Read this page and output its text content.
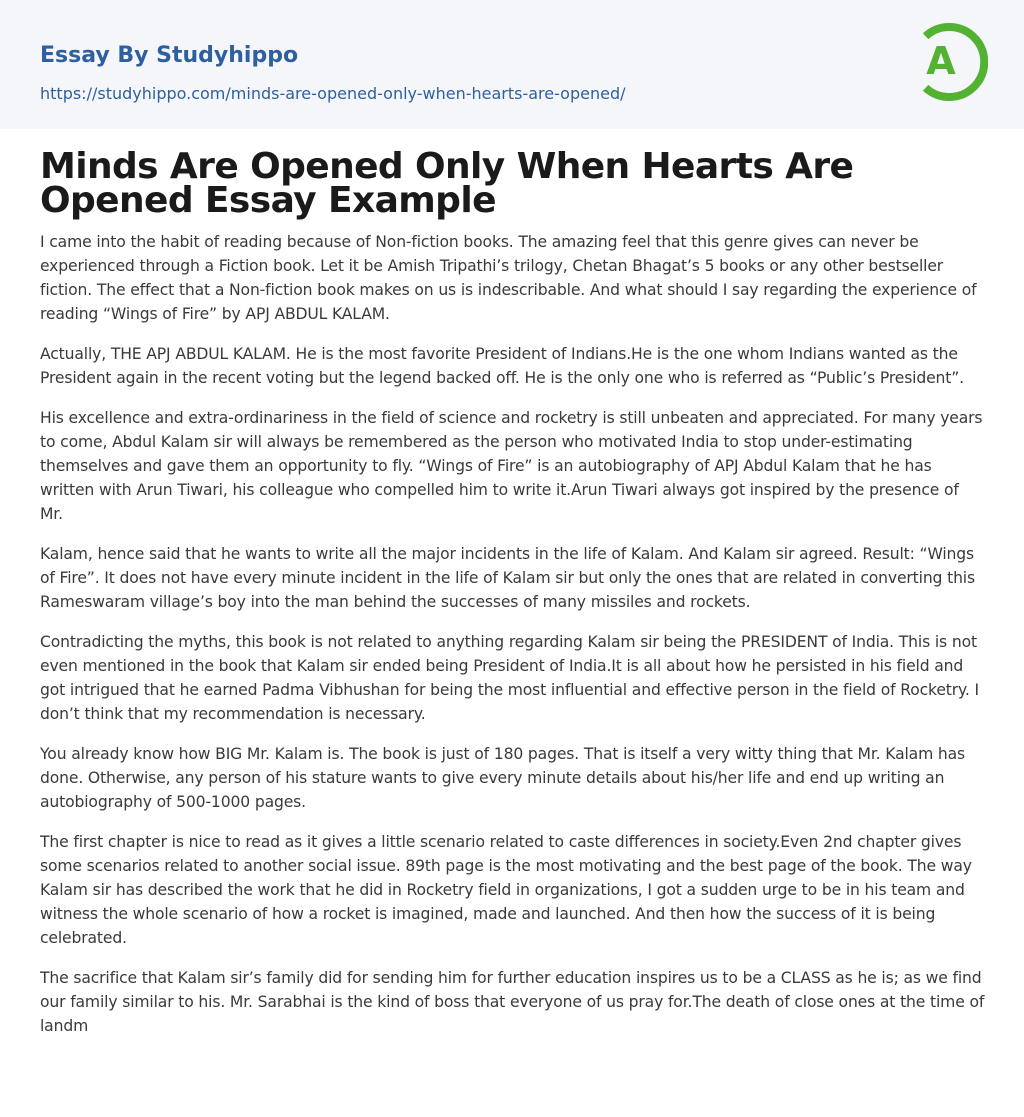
Essay By Studyhippo
https://studyhippo.com/minds-are-opened-only-when-hearts-are-opened/
A
Minds Are Opened Only When Hearts Are Opened Essay Example

I came into the habit of reading because of Non-fiction books. The amazing feel that this genre gives can never be experienced through a Fiction book. Let it be Amish Tripathi’s trilogy, Chetan Bhagat’s 5 books or any other bestseller fiction. The effect that a Non-fiction book makes on us is indescribable. And what should I say regarding the experience of reading “Wings of Fire” by APJ ABDUL KALAM.

Actually, THE APJ ABDUL KALAM. He is the most favorite President of Indians.He is the one whom Indians wanted as the President again in the recent voting but the legend backed off. He is the only one who is referred as “Public’s President”.

His excellence and extra-ordinariness in the field of science and rocketry is still unbeaten and appreciated. For many years to come, Abdul Kalam sir will always be remembered as the person who motivated India to stop under-estimating themselves and gave them an opportunity to fly. “Wings of Fire” is an autobiography of APJ Abdul Kalam that he has written with Arun Tiwari, his colleague who compelled him to write it.Arun Tiwari always got inspired by the presence of Mr.

Kalam, hence said that he wants to write all the major incidents in the life of Kalam. And Kalam sir agreed. Result: “Wings of Fire”. It does not have every minute incident in the life of Kalam sir but only the ones that are related in converting this Rameswaram village’s boy into the man behind the successes of many missiles and rockets.

Contradicting the myths, this book is not related to anything regarding Kalam sir being the PRESIDENT of India. This is not even mentioned in the book that Kalam sir ended being President of India.It is all about how he persisted in his field and got intrigued that he earned Padma Vibhushan for being the most influential and effective person in the field of Rocketry. I don’t think that my recommendation is necessary.

You already know how BIG Mr. Kalam is. The book is just of 180 pages. That is itself a very witty thing that Mr. Kalam has done. Otherwise, any person of his stature wants to give every minute details about his/her life and end up writing an autobiography of 500-1000 pages.

The first chapter is nice to read as it gives a little scenario related to caste differences in society.Even 2nd chapter gives some scenarios related to another social issue. 89th page is the most motivating and the best page of the book. The way Kalam sir has described the work that he did in Rocketry field in organizations, I got a sudden urge to be in his team and witness the whole scenario of how a rocket is imagined, made and launched. And then how the success of it is being celebrated.

The sacrifice that Kalam sir’s family did for sending him for further education inspires us to be a CLASS as he is; as we find our family similar to his. Mr. Sarabhai is the kind of boss that everyone of us pray for.The death of close ones at the time of landm
